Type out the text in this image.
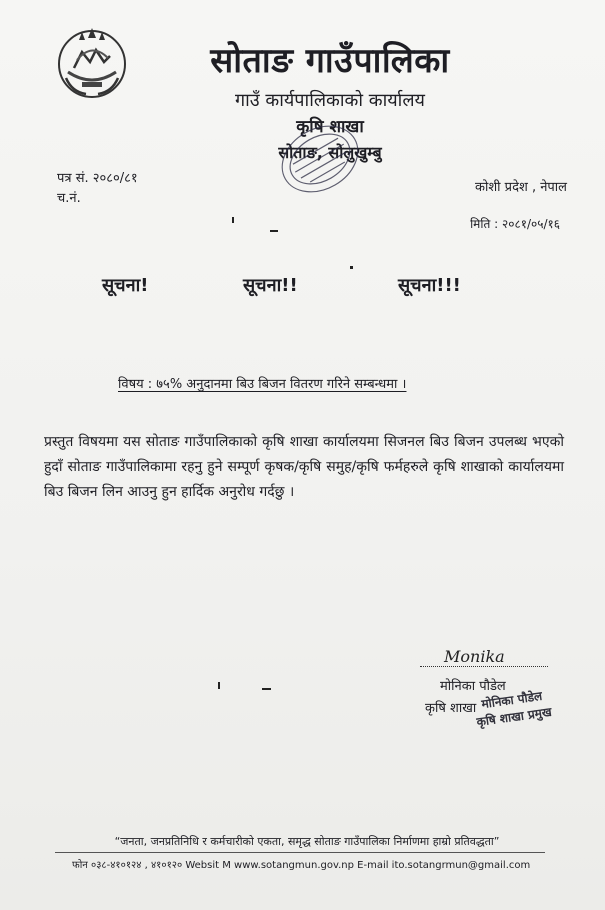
सोताङ गाउँपालिका
गाउँ कार्यपालिकाको कार्यालय
कृषि शाखा
सोताङ, सोलुखुम्बु
पत्र सं. २०८०/८१
च.नं.
कोशी प्रदेश , नेपाल
मिति : २०८१/०५/१६
सूचना!	सूचना!!	सूचना!!!
विषय : ७५% अनुदानमा बिउ बिजन वितरण गरिने सम्बन्धमा ।
प्रस्तुत विषयमा यस सोताङ गाउँपालिकाको कृषि शाखा कार्यालयमा सिजनल बिउ बिजन उपलब्ध भएको हुदाँ सोताङ गाउँपालिकामा रहनु हुने सम्पूर्ण कृषक/कृषि समुह/कृषि फर्महरुले कृषि शाखाको कार्यालयमा बिउ बिजन लिन आउनु हुन हार्दिक अनुरोध गर्दछु ।
Monika
मोनिका पौडेल
कृषि शाखा मोनिका पौडेल
कृषि शाखा प्रमुख
“जनता, जनप्रतिनिधि र कर्मचारीको एकता, समृद्ध सोताङ गाउँपालिका निर्माणमा हाम्रो प्रतिवद्धता”
फोन ०३८-४१०१२४ , ४१०१२० Websit M www.sotangmun.gov.np E-mail ito.sotangrmun@gmail.com
